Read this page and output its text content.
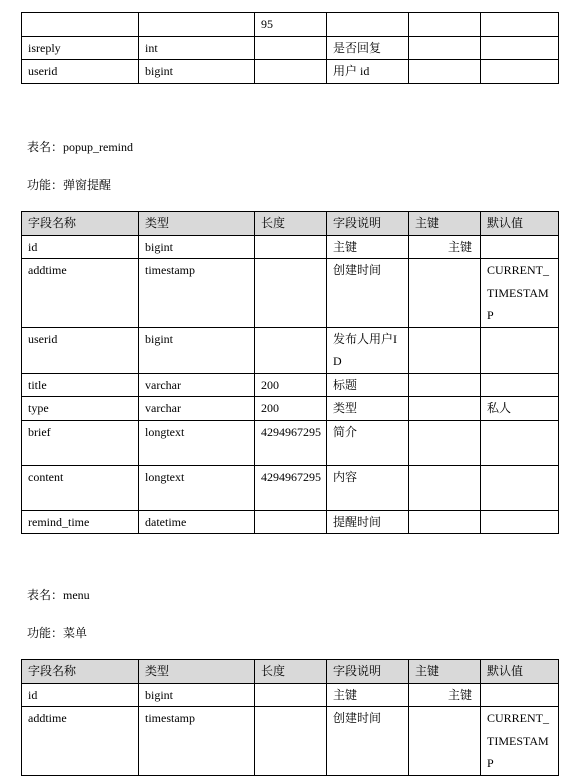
		95			
isreply	int		是否回复		
userid	bigint		用户 id		
表名：popup_remind
功能：弹窗提醒
字段名称	类型	长度	字段说明	主键	默认值
id	bigint		主键	主键	
addtime	timestamp		创建时间		CURRENT_TIMESTAMP
userid	bigint		发布人用户ID		
title	varchar	200	标题		
type	varchar	200	类型		私人
brief	longtext	4294967295	简介		
content	longtext	4294967295	内容		
remind_time	datetime		提醒时间		
表名：menu
功能：菜单
字段名称	类型	长度	字段说明	主键	默认值
id	bigint		主键	主键	
addtime	timestamp		创建时间		CURRENT_TIMESTAMP
